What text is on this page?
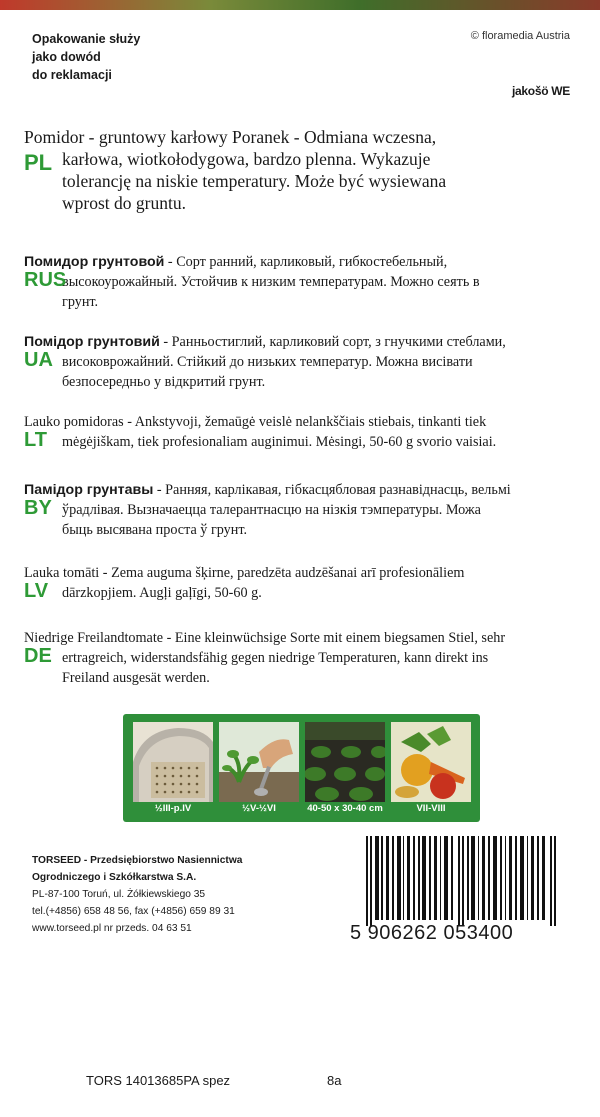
Opakowanie służy
jako dowód
do reklamacji
© floramedia Austria
jakošö WE
PL
Pomidor - gruntowy karłowy Poranek - Odmiana wczesna,
karłowa, wiotkołodygowa, bardzo plenna. Wykazuje
tolerancję na niskie temperatury. Może być wysiewana
wprost do gruntu.
RUS
Помидор грунтовой - Сорт ранний, карликовый, гибкостебельный,
высокоурожайный. Устойчив к низким температурам. Можно сеять в
грунт.
UA
Помідор грунтовий - Ранньостиглий, карликовий сорт, з гнучкими стеблами,
високоврожайний. Стійкий до низьких температур. Можна висівати
безпосередньо у відкритий грунт.
LT
Lauko pomidoras - Ankstyvoji, žemaūgė veislė nelankščiais stiebais, tinkanti tiek
mėgėjiškam, tiek profesionaliam auginimui. Mėsingi, 50-60 g svorio vaisiai.
BY
Памідор грунтавы - Ранняя, карлікавая, гібкасцябловая разнавіднасць, вельмі
ўрадлівая. Вызначаецца талерантнасцю на нізкія тэмпературы. Можа
быць высявана проста ў грунт.
LV
Lauka tomāti - Zema auguma šķirne, paredzēta audzēšanai arī profesionāliem
dārzkopjiem. Augļi gaļīgi, 50-60 g.
DE
Niedrige Freilandtomate - Eine kleinwüchsige Sorte mit einem biegsamen Stiel, sehr
ertragreich, widerstandsfähig gegen niedrige Temperaturen, kann direkt ins
Freiland ausgesät werden.
½III-p.IV	½V-½VI	40-50 x 30-40 cm	VII-VIII
TORSEED - Przedsiębiorstwo Nasiennictwa
Ogrodniczego i Szkółkarstwa S.A.
PL-87-100 Toruń, ul. Żółkiewskiego 35
tel.(+4856) 658 48 56, fax (+4856) 659 89 31
www.torseed.pl nr przeds. 04 63 51	5 906262 053400
TORS 14013685PA spez	8a
